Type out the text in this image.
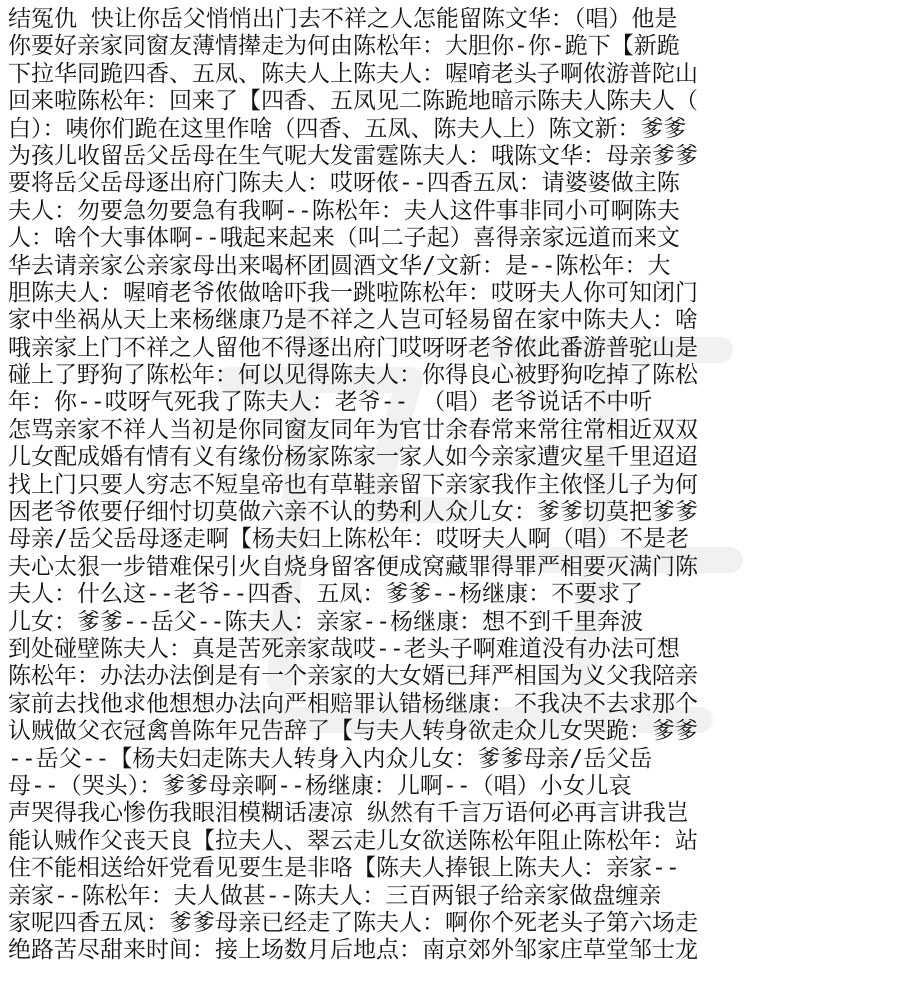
结冤仇 快让你岳父悄悄出门去不祥之人怎能留陈文华：（唱）他是
你要好亲家同窗友薄情撵走为何由陈松年：大胆你-你-跪下【新跪
下拉华同跪四香、五凤、陈夫人上陈夫人：喔唷老头子啊侬游普陀山
回来啦陈松年：回来了【四香、五凤见二陈跪地暗示陈夫人陈夫人（
白）：咦你们跪在这里作啥（四香、五凤、陈夫人上）陈文新：爹爹
为孩儿收留岳父岳母在生气呢大发雷霆陈夫人：哦陈文华：母亲爹爹
要将岳父岳母逐出府门陈夫人：哎呀侬--四香五凤：请婆婆做主陈
夫人：勿要急勿要急有我啊--陈松年：夫人这件事非同小可啊陈夫
人：啥个大事体啊--哦起来起来（叫二子起）喜得亲家远道而来文
华去请亲家公亲家母出来喝杯团圆酒文华/文新：是--陈松年：大
胆陈夫人：喔唷老爷侬做啥吓我一跳啦陈松年：哎呀夫人你可知闭门
家中坐祸从天上来杨继康乃是不祥之人岂可轻易留在家中陈夫人：啥
哦亲家上门不祥之人留他不得逐出府门哎呀呀老爷侬此番游普驼山是
碰上了野狗了陈松年：何以见得陈夫人：你得良心被野狗吃掉了陈松
年：你--哎呀气死我了陈夫人：老爷-- （唱）老爷说话不中听
怎骂亲家不祥人当初是你同窗友同年为官廿余春常来常往常相近双双
儿女配成婚有情有义有缘份杨家陈家一家人如今亲家遭灾星千里迢迢
找上门只要人穷志不短皇帝也有草鞋亲留下亲家我作主侬怪儿子为何
因老爷侬要仔细忖切莫做六亲不认的势利人众儿女：爹爹切莫把爹爹
母亲/岳父岳母逐走啊【杨夫妇上陈松年：哎呀夫人啊（唱）不是老
夫心太狠一步错难保引火自烧身留客便成窝藏罪得罪严相要灭满门陈
夫人：什么这--老爷--四香、五凤：爹爹--杨继康：不要求了
儿女：爹爹--岳父--陈夫人：亲家--杨继康：想不到千里奔波
到处碰壁陈夫人：真是苦死亲家哉哎--老头子啊难道没有办法可想
陈松年：办法办法倒是有一个亲家的大女婿已拜严相国为义父我陪亲
家前去找他求他想想办法向严相赔罪认错杨继康：不我决不去求那个
认贼做父衣冠禽兽陈年兄告辞了【与夫人转身欲走众儿女哭跪：爹爹
--岳父--【杨夫妇走陈夫人转身入内众儿女：爹爹母亲/岳父岳
母--（哭头）：爹爹母亲啊--杨继康：儿啊--（唱）小女儿哀
声哭得我心惨伤我眼泪模糊话凄凉 纵然有千言万语何必再言讲我岂
能认贼作父丧天良【拉夫人、翠云走儿女欲送陈松年阻止陈松年：站
住不能相送给奸党看见要生是非咯【陈夫人捧银上陈夫人：亲家--
亲家--陈松年：夫人做甚--陈夫人：三百两银子给亲家做盘缠亲
家呢四香五凤：爹爹母亲已经走了陈夫人：啊你个死老头子第六场走
绝路苦尽甜来时间：接上场数月后地点：南京郊外邹家庄草堂邹士龙
